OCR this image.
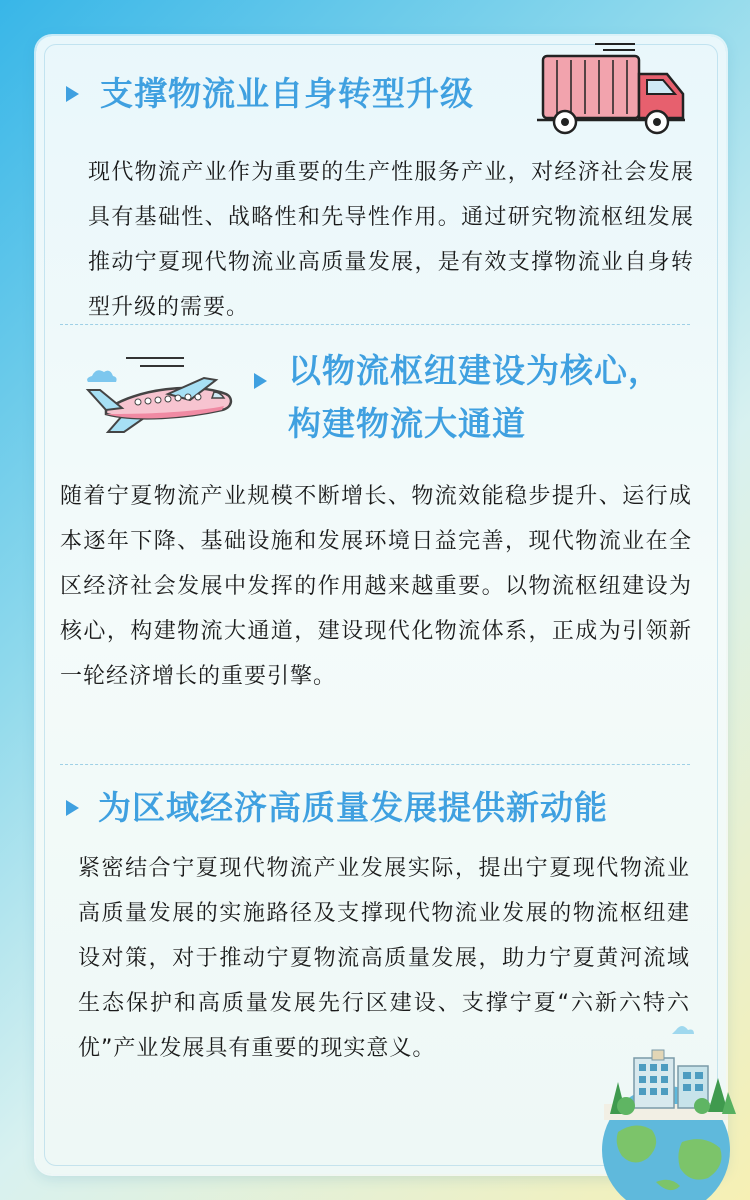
支撑物流业自身转型升级

现代物流产业作为重要的生产性服务产业，对经济社会发展具有基础性、战略性和先导性作用。通过研究物流枢纽发展推动宁夏现代物流业高质量发展，是有效支撑物流业自身转型升级的需要。

以物流枢纽建设为核心，
构建物流大通道

随着宁夏物流产业规模不断增长、物流效能稳步提升、运行成本逐年下降、基础设施和发展环境日益完善，现代物流业在全区经济社会发展中发挥的作用越来越重要。以物流枢纽建设为核心，构建物流大通道，建设现代化物流体系，正成为引领新一轮经济增长的重要引擎。

为区域经济高质量发展提供新动能

紧密结合宁夏现代物流产业发展实际，提出宁夏现代物流业高质量发展的实施路径及支撑现代物流业发展的物流枢纽建设对策，对于推动宁夏物流高质量发展，助力宁夏黄河流域生态保护和高质量发展先行区建设、支撑宁夏“六新六特六优”产业发展具有重要的现实意义。
